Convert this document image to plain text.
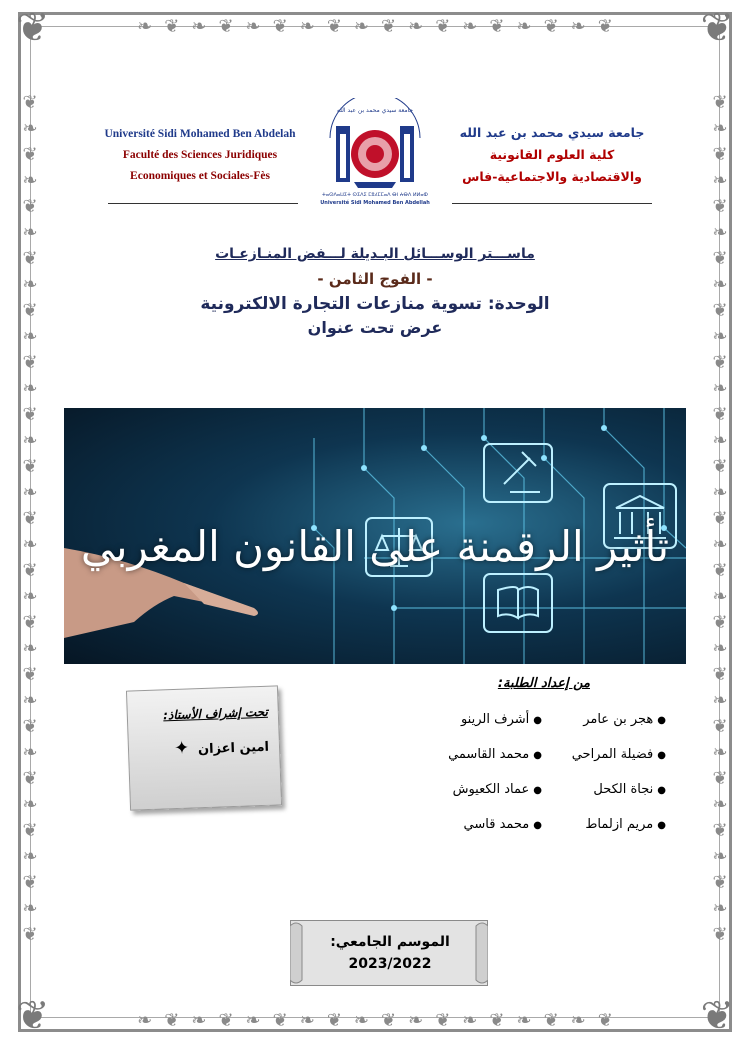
❦	❦
❦	❦
❧ ❦ ❧ ❦ ❧ ❦ ❧ ❦ ❧ ❦ ❧ ❦ ❧ ❦ ❧ ❦ ❧ ❦
❧ ❦ ❧ ❦ ❧ ❦ ❧ ❦ ❧ ❦ ❧ ❦ ❧ ❦ ❧ ❦ ❧ ❦
❦
❧
❦
❧
❦
❧
❦
❧
❦
❧
❦
❧
❦
❧
❦
❧
❦
❧
❦
❧
❦
❧
❦
❧
❦
❧
❦
❧
❦
❧
❦
❧
❦
❦
❧
❦
❧
❦
❧
❦
❧
❦
❧
❦
❧
❦
❧
❦
❧
❦
❧
❦
❧
❦
❧
❦
❧
❦
❧
❦
❧
❦
❧
❦
❧
❦
Université Sidi Mohamed Ben Abdelah
Faculté des Sciences Juridiques
Economiques et Sociales-Fès
جامعة سيدي محمد بن عبد الله
كلية العلوم القانونية
والاقتصادية والاجتماعية-فاس
جامعة سيدي محمد بن عبد الله
ⵜⴰⵙⴷⴰⵡⵉⵜ ⵙⵉⴷⵉ ⵎⵓⵃⵎⵎⴰⴷ ⴱⵏ ⵄⴱⴷ ⵍⵍⴰⵀ
Université Sidi Mohamed Ben Abdellah
ماســـتر الوســـائل البـديلة لـــفض المنـازعـات
- الفوج الثامن -
الوحدة: تسوية منازعات التجارة الالكترونية
عرض تحت عنوان
تأثير الرقمنة على القانون المغربي
من إعداد الطلبة:
●هجر بن عامر
●فضيلة المراحي
●نجاة الكحل
●مريم ازلماط
●أشرف الرينو
●محمد القاسمي
●عماد الكعيوش
●محمد قاسي
تحت إشراف الأستاذ:
امين اعزان ✦
الموسم الجامعي:
2023/2022
